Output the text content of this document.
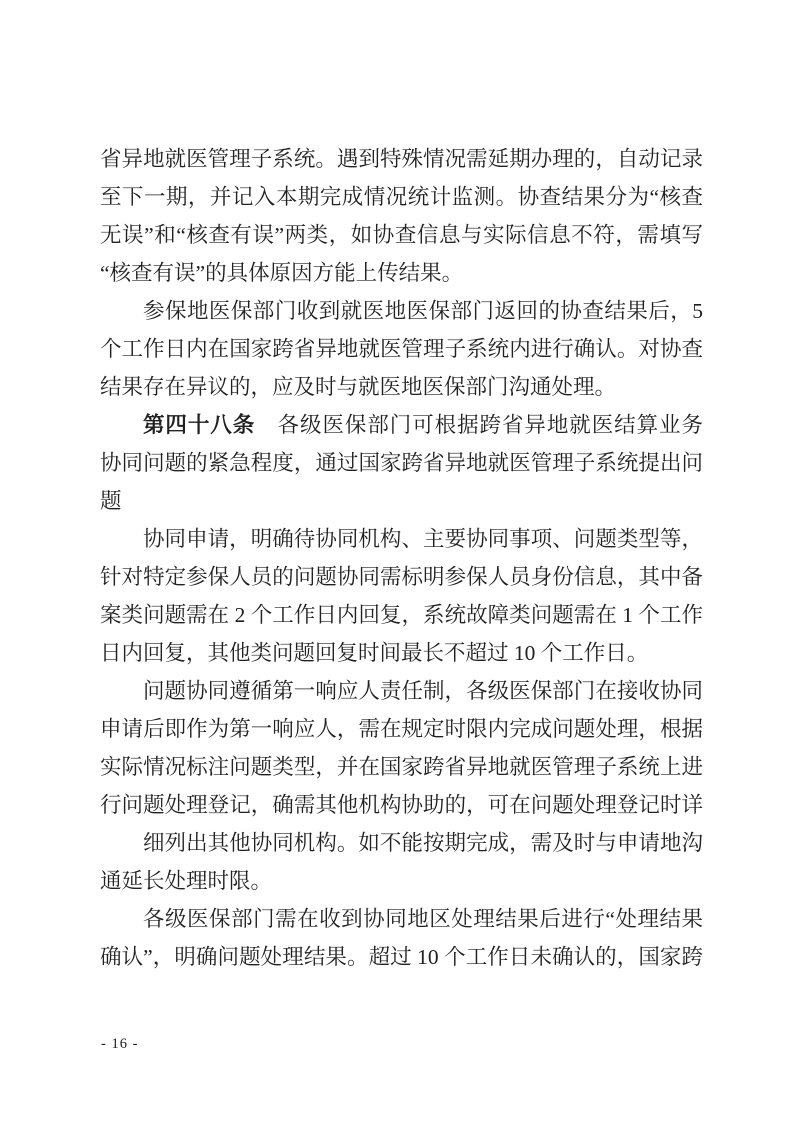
省异地就医管理子系统。遇到特殊情况需延期办理的，自动记录
至下一期，并记入本期完成情况统计监测。协查结果分为“核查
无误”和“核查有误”两类，如协查信息与实际信息不符，需填写
“核查有误”的具体原因方能上传结果。
参保地医保部门收到就医地医保部门返回的协查结果后，5
个工作日内在国家跨省异地就医管理子系统内进行确认。对协查
结果存在异议的，应及时与就医地医保部门沟通处理。
第四十八条　各级医保部门可根据跨省异地就医结算业务
协同问题的紧急程度，通过国家跨省异地就医管理子系统提出问
题
协同申请，明确待协同机构、主要协同事项、问题类型等，
针对特定参保人员的问题协同需标明参保人员身份信息，其中备
案类问题需在 2 个工作日内回复，系统故障类问题需在 1 个工作
日内回复，其他类问题回复时间最长不超过 10 个工作日。
问题协同遵循第一响应人责任制，各级医保部门在接收协同
申请后即作为第一响应人，需在规定时限内完成问题处理，根据
实际情况标注问题类型，并在国家跨省异地就医管理子系统上进
行问题处理登记，确需其他机构协助的，可在问题处理登记时详
细列出其他协同机构。如不能按期完成，需及时与申请地沟
通延长处理时限。
各级医保部门需在收到协同地区处理结果后进行“处理结果
确认”，明确问题处理结果。超过 10 个工作日未确认的，国家跨
- 16 -
